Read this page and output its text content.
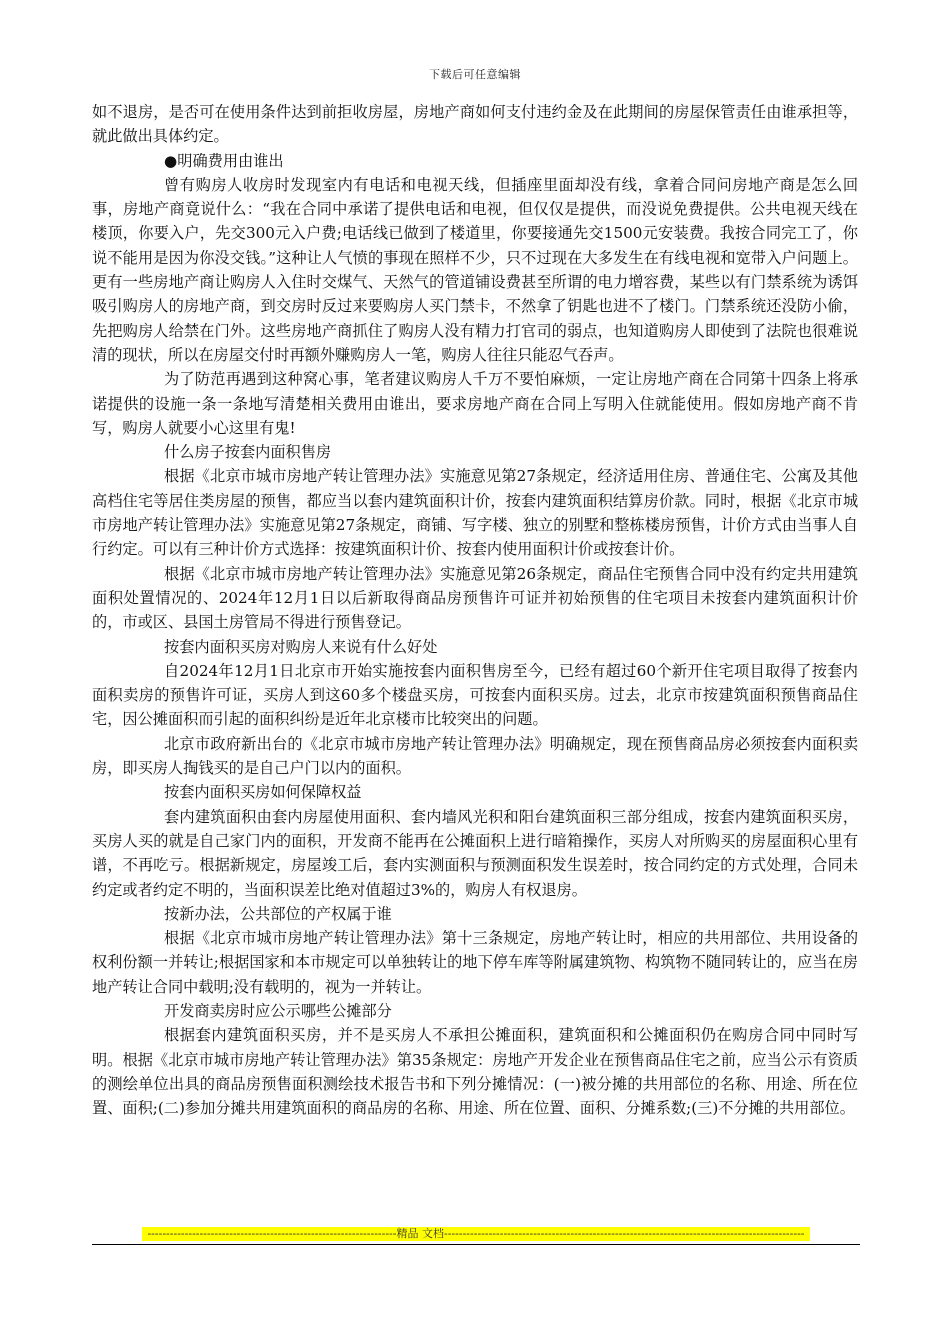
下载后可任意编辑

如不退房，是否可在使用条件达到前拒收房屋，房地产商如何支付违约金及在此期间的房屋保管责任由谁承担等，就此做出具体约定。

●明确费用由谁出

曾有购房人收房时发现室内有电话和电视天线，但插座里面却没有线，拿着合同问房地产商是怎么回事，房地产商竟说什么：“我在合同中承诺了提供电话和电视，但仅仅是提供，而没说免费提供。公共电视天线在楼顶，你要入户，先交300元入户费;电话线已做到了楼道里，你要接通先交1500元安装费。我按合同完工了，你说不能用是因为你没交钱。”这种让人气愤的事现在照样不少，只不过现在大多发生在有线电视和宽带入户问题上。更有一些房地产商让购房人入住时交煤气、天然气的管道铺设费甚至所谓的电力增容费，某些以有门禁系统为诱饵吸引购房人的房地产商，到交房时反过来要购房人买门禁卡，不然拿了钥匙也进不了楼门。门禁系统还没防小偷，先把购房人给禁在门外。这些房地产商抓住了购房人没有精力打官司的弱点，也知道购房人即使到了法院也很难说清的现状，所以在房屋交付时再额外赚购房人一笔，购房人往往只能忍气吞声。

为了防范再遇到这种窝心事，笔者建议购房人千万不要怕麻烦，一定让房地产商在合同第十四条上将承诺提供的设施一条一条地写清楚相关费用由谁出，要求房地产商在合同上写明入住就能使用。假如房地产商不肯写，购房人就要小心这里有鬼!

什么房子按套内面积售房

根据《北京市城市房地产转让管理办法》实施意见第27条规定，经济适用住房、普通住宅、公寓及其他高档住宅等居住类房屋的预售，都应当以套内建筑面积计价，按套内建筑面积结算房价款。同时，根据《北京市城市房地产转让管理办法》实施意见第27条规定，商铺、写字楼、独立的别墅和整栋楼房预售，计价方式由当事人自行约定。可以有三种计价方式选择：按建筑面积计价、按套内使用面积计价或按套计价。

根据《北京市城市房地产转让管理办法》实施意见第26条规定，商品住宅预售合同中没有约定共用建筑面积处置情况的、2024年12月1日以后新取得商品房预售许可证并初始预售的住宅项目未按套内建筑面积计价的，市或区、县国土房管局不得进行预售登记。

按套内面积买房对购房人来说有什么好处

自2024年12月1日北京市开始实施按套内面积售房至今，已经有超过60个新开住宅项目取得了按套内面积卖房的预售许可证，买房人到这60多个楼盘买房，可按套内面积买房。过去，北京市按建筑面积预售商品住宅，因公摊面积而引起的面积纠纷是近年北京楼市比较突出的问题。

北京市政府新出台的《北京市城市房地产转让管理办法》明确规定，现在预售商品房必须按套内面积卖房，即买房人掏钱买的是自己户门以内的面积。

按套内面积买房如何保障权益

套内建筑面积由套内房屋使用面积、套内墙风光积和阳台建筑面积三部分组成，按套内建筑面积买房，买房人买的就是自己家门内的面积，开发商不能再在公摊面积上进行暗箱操作，买房人对所购买的房屋面积心里有谱，不再吃亏。根据新规定，房屋竣工后，套内实测面积与预测面积发生误差时，按合同约定的方式处理，合同未约定或者约定不明的，当面积误差比绝对值超过3%的，购房人有权退房。

按新办法，公共部位的产权属于谁

根据《北京市城市房地产转让管理办法》第十三条规定，房地产转让时，相应的共用部位、共用设备的权利份额一并转让;根据国家和本市规定可以单独转让的地下停车库等附属建筑物、构筑物不随同转让的，应当在房地产转让合同中载明;没有载明的，视为一并转让。

开发商卖房时应公示哪些公摊部分

根据套内建筑面积买房，并不是买房人不承担公摊面积，建筑面积和公摊面积仍在购房合同中同时写明。根据《北京市城市房地产转让管理办法》第35条规定：房地产开发企业在预售商品住宅之前，应当公示有资质的测绘单位出具的商品房预售面积测绘技术报告书和下列分摊情况：(一)被分摊的共用部位的名称、用途、所在位置、面积;(二)参加分摊共用建筑面积的商品房的名称、用途、所在位置、面积、分摊系数;(三)不分摊的共用部位。

-------------------------------------------------------------------精品 文档-------------------------------------------------------------------------------------------------
